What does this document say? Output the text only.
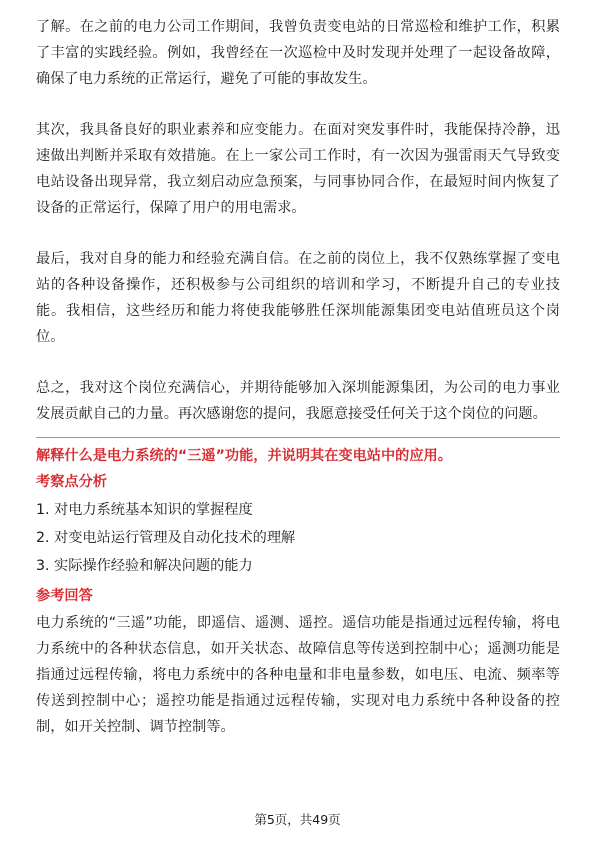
了解。在之前的电力公司工作期间，我曾负责变电站的日常巡检和维护工作，积累了丰富的实践经验。例如，我曾经在一次巡检中及时发现并处理了一起设备故障，确保了电力系统的正常运行，避免了可能的事故发生。

其次，我具备良好的职业素养和应变能力。在面对突发事件时，我能保持冷静，迅速做出判断并采取有效措施。在上一家公司工作时，有一次因为强雷雨天气导致变电站设备出现异常，我立刻启动应急预案，与同事协同合作，在最短时间内恢复了设备的正常运行，保障了用户的用电需求。

最后，我对自身的能力和经验充满自信。在之前的岗位上，我不仅熟练掌握了变电站的各种设备操作，还积极参与公司组织的培训和学习，不断提升自己的专业技能。我相信，这些经历和能力将使我能够胜任深圳能源集团变电站值班员这个岗位。

总之，我对这个岗位充满信心，并期待能够加入深圳能源集团，为公司的电力事业发展贡献自己的力量。再次感谢您的提问，我愿意接受任何关于这个岗位的问题。

解释什么是电力系统的“三遥”功能，并说明其在变电站中的应用。

考察点分析

1. 对电力系统基本知识的掌握程度

2. 对变电站运行管理及自动化技术的理解

3. 实际操作经验和解决问题的能力

参考回答

电力系统的“三遥”功能，即遥信、遥测、遥控。遥信功能是指通过远程传输，将电力系统中的各种状态信息，如开关状态、故障信息等传送到控制中心；遥测功能是指通过远程传输，将电力系统中的各种电量和非电量参数，如电压、电流、频率等传送到控制中心；遥控功能是指通过远程传输，实现对电力系统中各种设备的控制，如开关控制、调节控制等。

第5页，共49页
